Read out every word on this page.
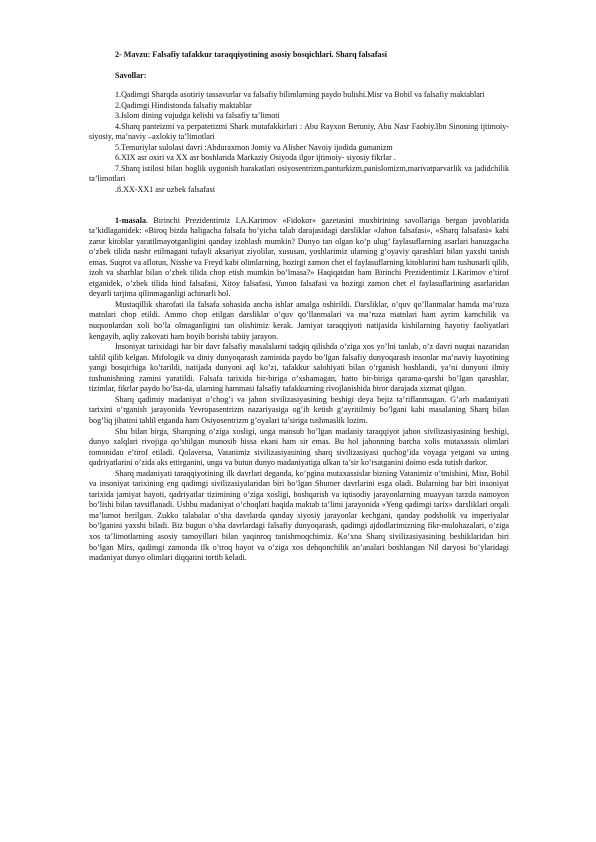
2- Mavzu: Falsafiy tafakkur taraqqiyotining asosiy bosqichlari. Sharq falsafasi

Savollar:

1.Qadimgi Sharqda asotiriy tassavurlar va falsafiy bilimlarning paydo bulishi.Misr va Bobil va falsafiy maktablari

2.Qadimgi Hindistonda falsafiy maktablar

3.Islom dining vujudga kelishi va falsafiy ta’limoti

4.Sharq panteizmi va perpatetizmi Shark mutafakkirlari : Abu Rayxon Beruniy, Abu Nasr Faobiy.Ibn Sinoning ijtimoiy-siyosiy, ma’naviy –axlokiy ta’limotlari

5.Temuriylar sulolasi davri :Abduraxmon Jomiy va Alisher Navoiy ijodida gumanizm

6.XIX asr oxiri va XX asr boshlarida Markaziy Osiyoda ilgor ijtimoiy- siyosiy fikrlar .

7.Sharq istilosi bilan boglik uygonish harakatlari osiyosentrizm,panturkizm,panislomizm,marivatparvarlik va jadidchilik ta’limotlari

.8.XX-XX1 asr uzbek falsafasi

1-masala. Birinchi Prezidentimiz I.A.Karimov «Fidokor» gazetasini muxbirining savollariga bergan javoblarida ta’kidlaganidek: «Biroq bizda haligacha falsafa bo’yicha talab darajasidagi darsliklar «Jahon falsafasi», «Sharq falsafasi» kabi zarur kitoblar yaratilmayotganligini qanday izohlash mumkin? Dunyo tan olgan ko’p ulug’ faylasuflarning asarlari hanuzgacha o’zbek tilida nashr etilmagani tufayli aksariyat ziyolilar, xususan, yoshlarimiz ularning g’oyaviy qarashlari bilan yaxshi tanish emas. Suqrot va aflotun, Nisshe va Freyd kabi olimlarning, hozirgi zamon chet el faylasuflarning kitoblarini ham tushunarli qilib, izoh va sharhlar bilan o’zbek tilida chop etish mumkin bo’lmasa?» Haqiqatdan ham Birinchi Prezidentimiz I.Karimov e’tirof etganidek, o’zbek tilida hind falsafasi, Xitoy falsafasi, Yunon falsafasi va hozirgi zamon chet el faylasuflarining asarlaridan deyarli tarjima qilinmaganligi achinarli hol.

Mustaqillik sharofati ila falsafa sohasida ancha ishlar amalga oshirildi. Darsliklar, o’quv qo’llanmalar hamda ma’ruza matnlari chop etildi. Ammo chop etilgan darsliklar o’quv qo’llanmalari va ma’ruza matnlari ham ayrim kamchilik va nuqsonlardan xoli bo’la olmaganligini tan olishimiz kerak. Jamiyat taraqqiyoti natijasida kishilarning hayotiy faoliyatlari kengayib, aqliy zakovati ham boyib borishi tabiiy jarayon.

Insoniyat tarixidagi har bir davr falsafiy masalalarni tadqiq qilishda o’ziga xos yo’lni tanlab, o’z davri nuqtai nazaridan tahlil qilib kelgan. Mifologik va diniy dunyoqarash zaminida paydo bo’lgan falsafiy dunyoqarash insonlar ma’naviy hayotining yangi bosqichiga ko’tarildi, natijada dunyoni aql ko’zi, tafakkur salohiyati bilan o’rganish boshlandi, ya’ni dunyoni ilmiy tushunishning zamini yaratildi. Falsafa tarixida bir-biriga o’xshamagan, hatto bir-biriga qarama-qarshi bo’lgan qarashlar, tizimlar, fikrlar paydo bo’lsa-da, ularning hammasi falsafiy tafakkurning rivojlanishida biror darajada xizmat qilgan.

Sharq qadimiy madaniyat o’chog’i va jahon sivilizasiyasining beshigi deya bejiz ta’riflanmagan. G’arb madaniyati tarixini o’rganish jarayonida Yevropasentrizm nazariyasiga og’ib ketish g’ayritilmiy bo’lgani kabi masalaning Sharq bilan bog’liq jihatini tahlil etganda ham Osiyosentrizm g’oyalari ta’siriga tushmaslik lozim.

Shu bilan birga, Sharqning o’ziga xosligi, unga mansub bo’lgan madaniy taraqqiyot jahon sivilizasiyasining beshigi, dunyo xalqlari rivojiga qo’shilgan munosib hissa ekani ham sir emas. Bu hol jahonning barcha xolis mutaxassis olimlari tomonidan e’tirof etiladi. Qolaversa, Vatanimiz sivilizasiyasining sharq sivilizasiyasi quchog’ida voyaga yetgani va uning qadriyatlarini o’zida aks ettirganini, unga va butun dunyo madaniyatiga ulkan ta’sir ko’rsatganini doimo esda tutish darkor.

Sharq madaniyati taraqqiyotining ilk davrlari deganda, ko’pgina mutaxassislar bizning Vatanimiz o’tmishini, Misr, Bobil va insoniyat tarixining eng qadimgi sivilizasiyalaridan biri bo’lgan Shumer davrlarini esga oladi. Bularning har biri insoniyat tarixida jamiyat hayoti, qadriyatlar tizimining o’ziga xosligi, boshqarish va iqtisodiy jarayonlarning muayyan tarzda namoyon bo’lishi bilan tavsiflanadi. Ushbu madaniyat o’choqlari haqida maktab ta’limi jarayonida «Yeng qadimgi tarix» darsliklari orqali ma’lumot berilgan. Zukko talabalar o’sha davrlarda qanday siyosiy jarayonlar kechgani, qanday podsholik va imperiyalar bo’lganini yaxshi biladi. Biz bugun o’sha davrlardagi falsafiy dunyoqarash, qadimgi ajdodlarimizning fikr-mulohazalari, o’ziga xos ta’limotlarning asosiy tamoyillari bilan yaqinroq tanishmoqchimiz. Ko’xna Sharq sivilizasiyasining beshiklaridan biri bo’lgan Mirs, qadimgi zamonda ilk o’troq hayot va o’ziga xos dehqonchilik an’analari boshlangan Nil daryosi bo’ylaridagi madaniyat dunyo olimlari diqqatini tortib keladi.
